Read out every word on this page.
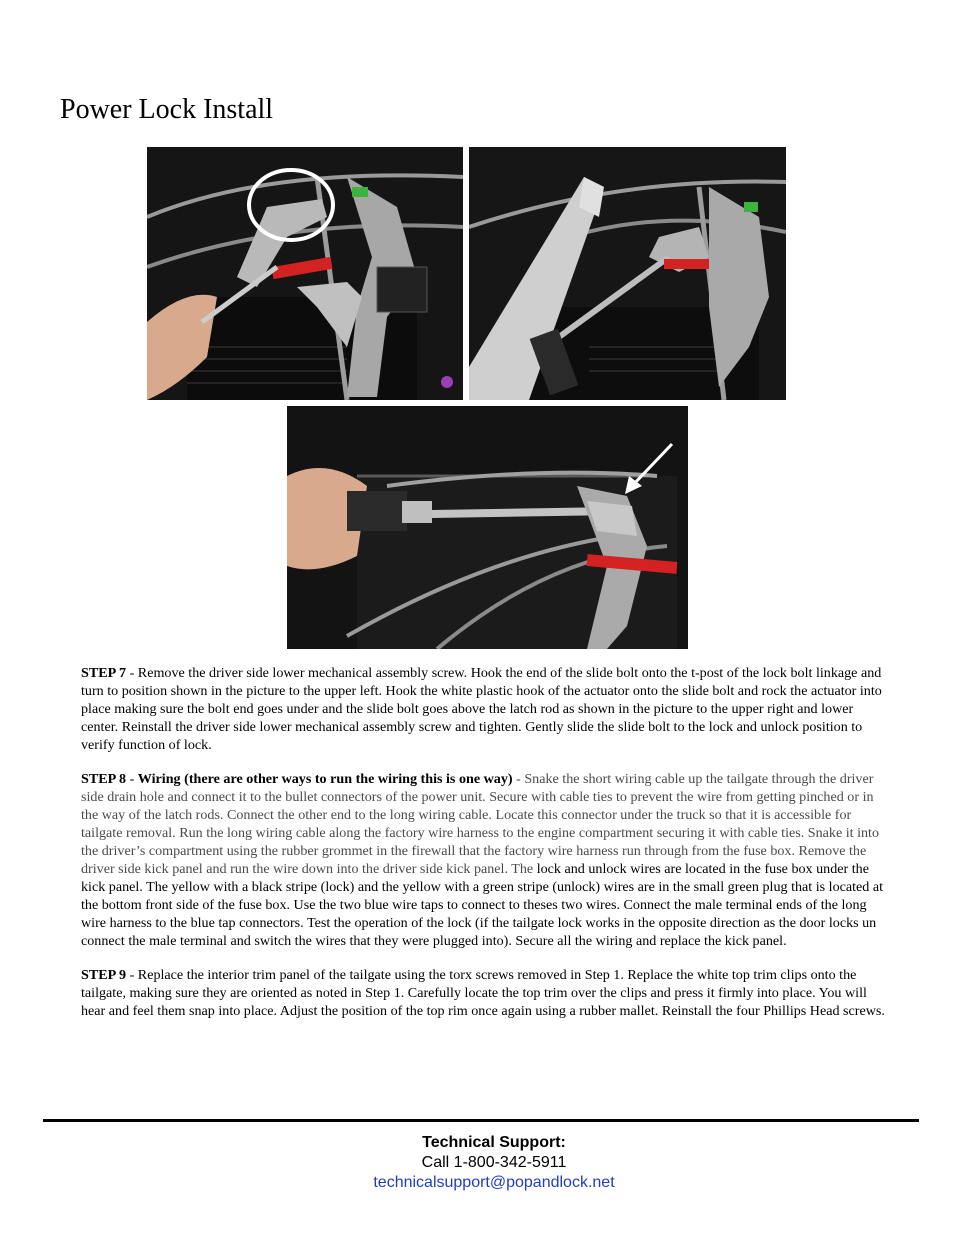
Power Lock Install

STEP 7 - Remove the driver side lower mechanical assembly screw. Hook the end of the slide bolt onto the t-post of the lock bolt linkage and turn to position shown in the picture to the upper left. Hook the white plastic hook of the actuator onto the slide bolt and rock the actuator into place making sure the bolt end goes under and the slide bolt goes above the latch rod as shown in the picture to the upper right and lower center. Reinstall the driver side lower mechanical assembly screw and tighten. Gently slide the slide bolt to the lock and unlock position to verify function of lock.

STEP 8 - Wiring (there are other ways to run the wiring this is one way) - Snake the short wiring cable up the tailgate through the driver side drain hole and connect it to the bullet connectors of the power unit. Secure with cable ties to prevent the wire from getting pinched or in the way of the latch rods. Connect the other end to the long wiring cable. Locate this connector under the truck so that it is accessible for tailgate removal. Run the long wiring cable along the factory wire harness to the engine compartment securing it with cable ties. Snake it into the driver’s compartment using the rubber grommet in the firewall that the factory wire harness run through from the fuse box. Remove the driver side kick panel and run the wire down into the driver side kick panel. The lock and unlock wires are located in the fuse box under the kick panel. The yellow with a black stripe (lock) and the yellow with a green stripe (unlock) wires are in the small green plug that is located at the bottom front side of the fuse box. Use the two blue wire taps to connect to theses two wires. Connect the male terminal ends of the long wire harness to the blue tap connectors. Test the operation of the lock (if the tailgate lock works in the opposite direction as the door locks un connect the male terminal and switch the wires that they were plugged into). Secure all the wiring and replace the kick panel.

STEP 9 - Replace the interior trim panel of the tailgate using the torx screws removed in Step 1. Replace the white top trim clips onto the tailgate, making sure they are oriented as noted in Step 1. Carefully locate the top trim over the clips and press it firmly into place. You will hear and feel them snap into place. Adjust the position of the top rim once again using a rubber mallet. Reinstall the four Phillips Head screws.

Technical Support:
Call 1-800-342-5911
technicalsupport@popandlock.net
